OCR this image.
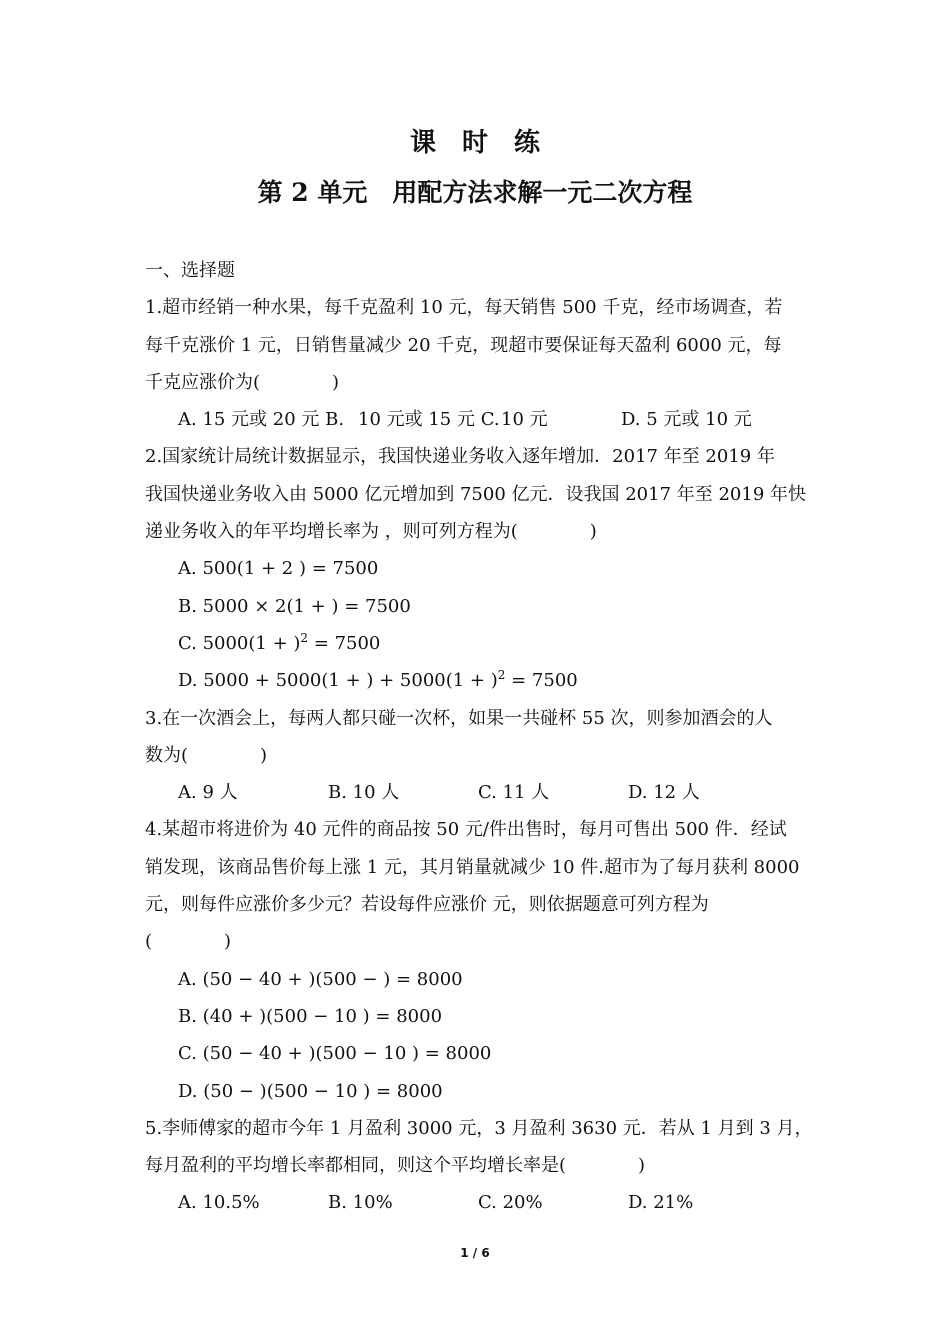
课时练
第 2 单元　用配方法求解一元二次方程
一、选择题
1.超市经销一种水果，每千克盈利 10 元，每天销售 500 千克，经市场调查，若
每千克涨价 1 元，日销售量减少 20 千克，现超市要保证每天盈利 6000 元，每
千克应涨价为(　　　　)
A. 15 元或 20 元 B. 10 元或 15 元 C. 10 元	D. 5 元或 10 元
2.国家统计局统计数据显示，我国快递业务收入逐年增加．2017 年至 2019 年
我国快递业务收入由 5000 亿元增加到 7500 亿元．设我国 2017 年至 2019 年快
递业务收入的年平均增长率为 ，则可列方程为(　　　　)
A. 500(1 + 2 ) = 7500
B. 5000 × 2(1 + ) = 7500
C. $5000(1 + )^2 = 7500$
D. 5000 + 5000(1 + ) + $5000(1 + )^2 = 7500$
3.在一次酒会上，每两人都只碰一次杯，如果一共碰杯 55 次，则参加酒会的人
数为(　　　　)
A. 9 人	B. 10 人	C. 11 人	D. 12 人
4.某超市将进价为 40 元件的商品按 50 元/件出售时，每月可售出 500 件．经试
销发现，该商品售价每上涨 1 元，其月销量就减少 10 件.超市为了每月获利 8000
元，则每件应涨价多少元？若设每件应涨价 元，则依据题意可列方程为
(　　　　)
A. (50 − 40 + )(500 − ) = 8000
B. (40 + )(500 − 10 ) = 8000
C. (50 − 40 + )(500 − 10 ) = 8000
D. (50 − )(500 − 10 ) = 8000
5.李师傅家的超市今年 1 月盈利 3000 元，3 月盈利 3630 元．若从 1 月到 3 月，
每月盈利的平均增长率都相同，则这个平均增长率是(　　　　)
A. 10.5%	B. 10%	C. 20%	D. 21%
1 / 6
